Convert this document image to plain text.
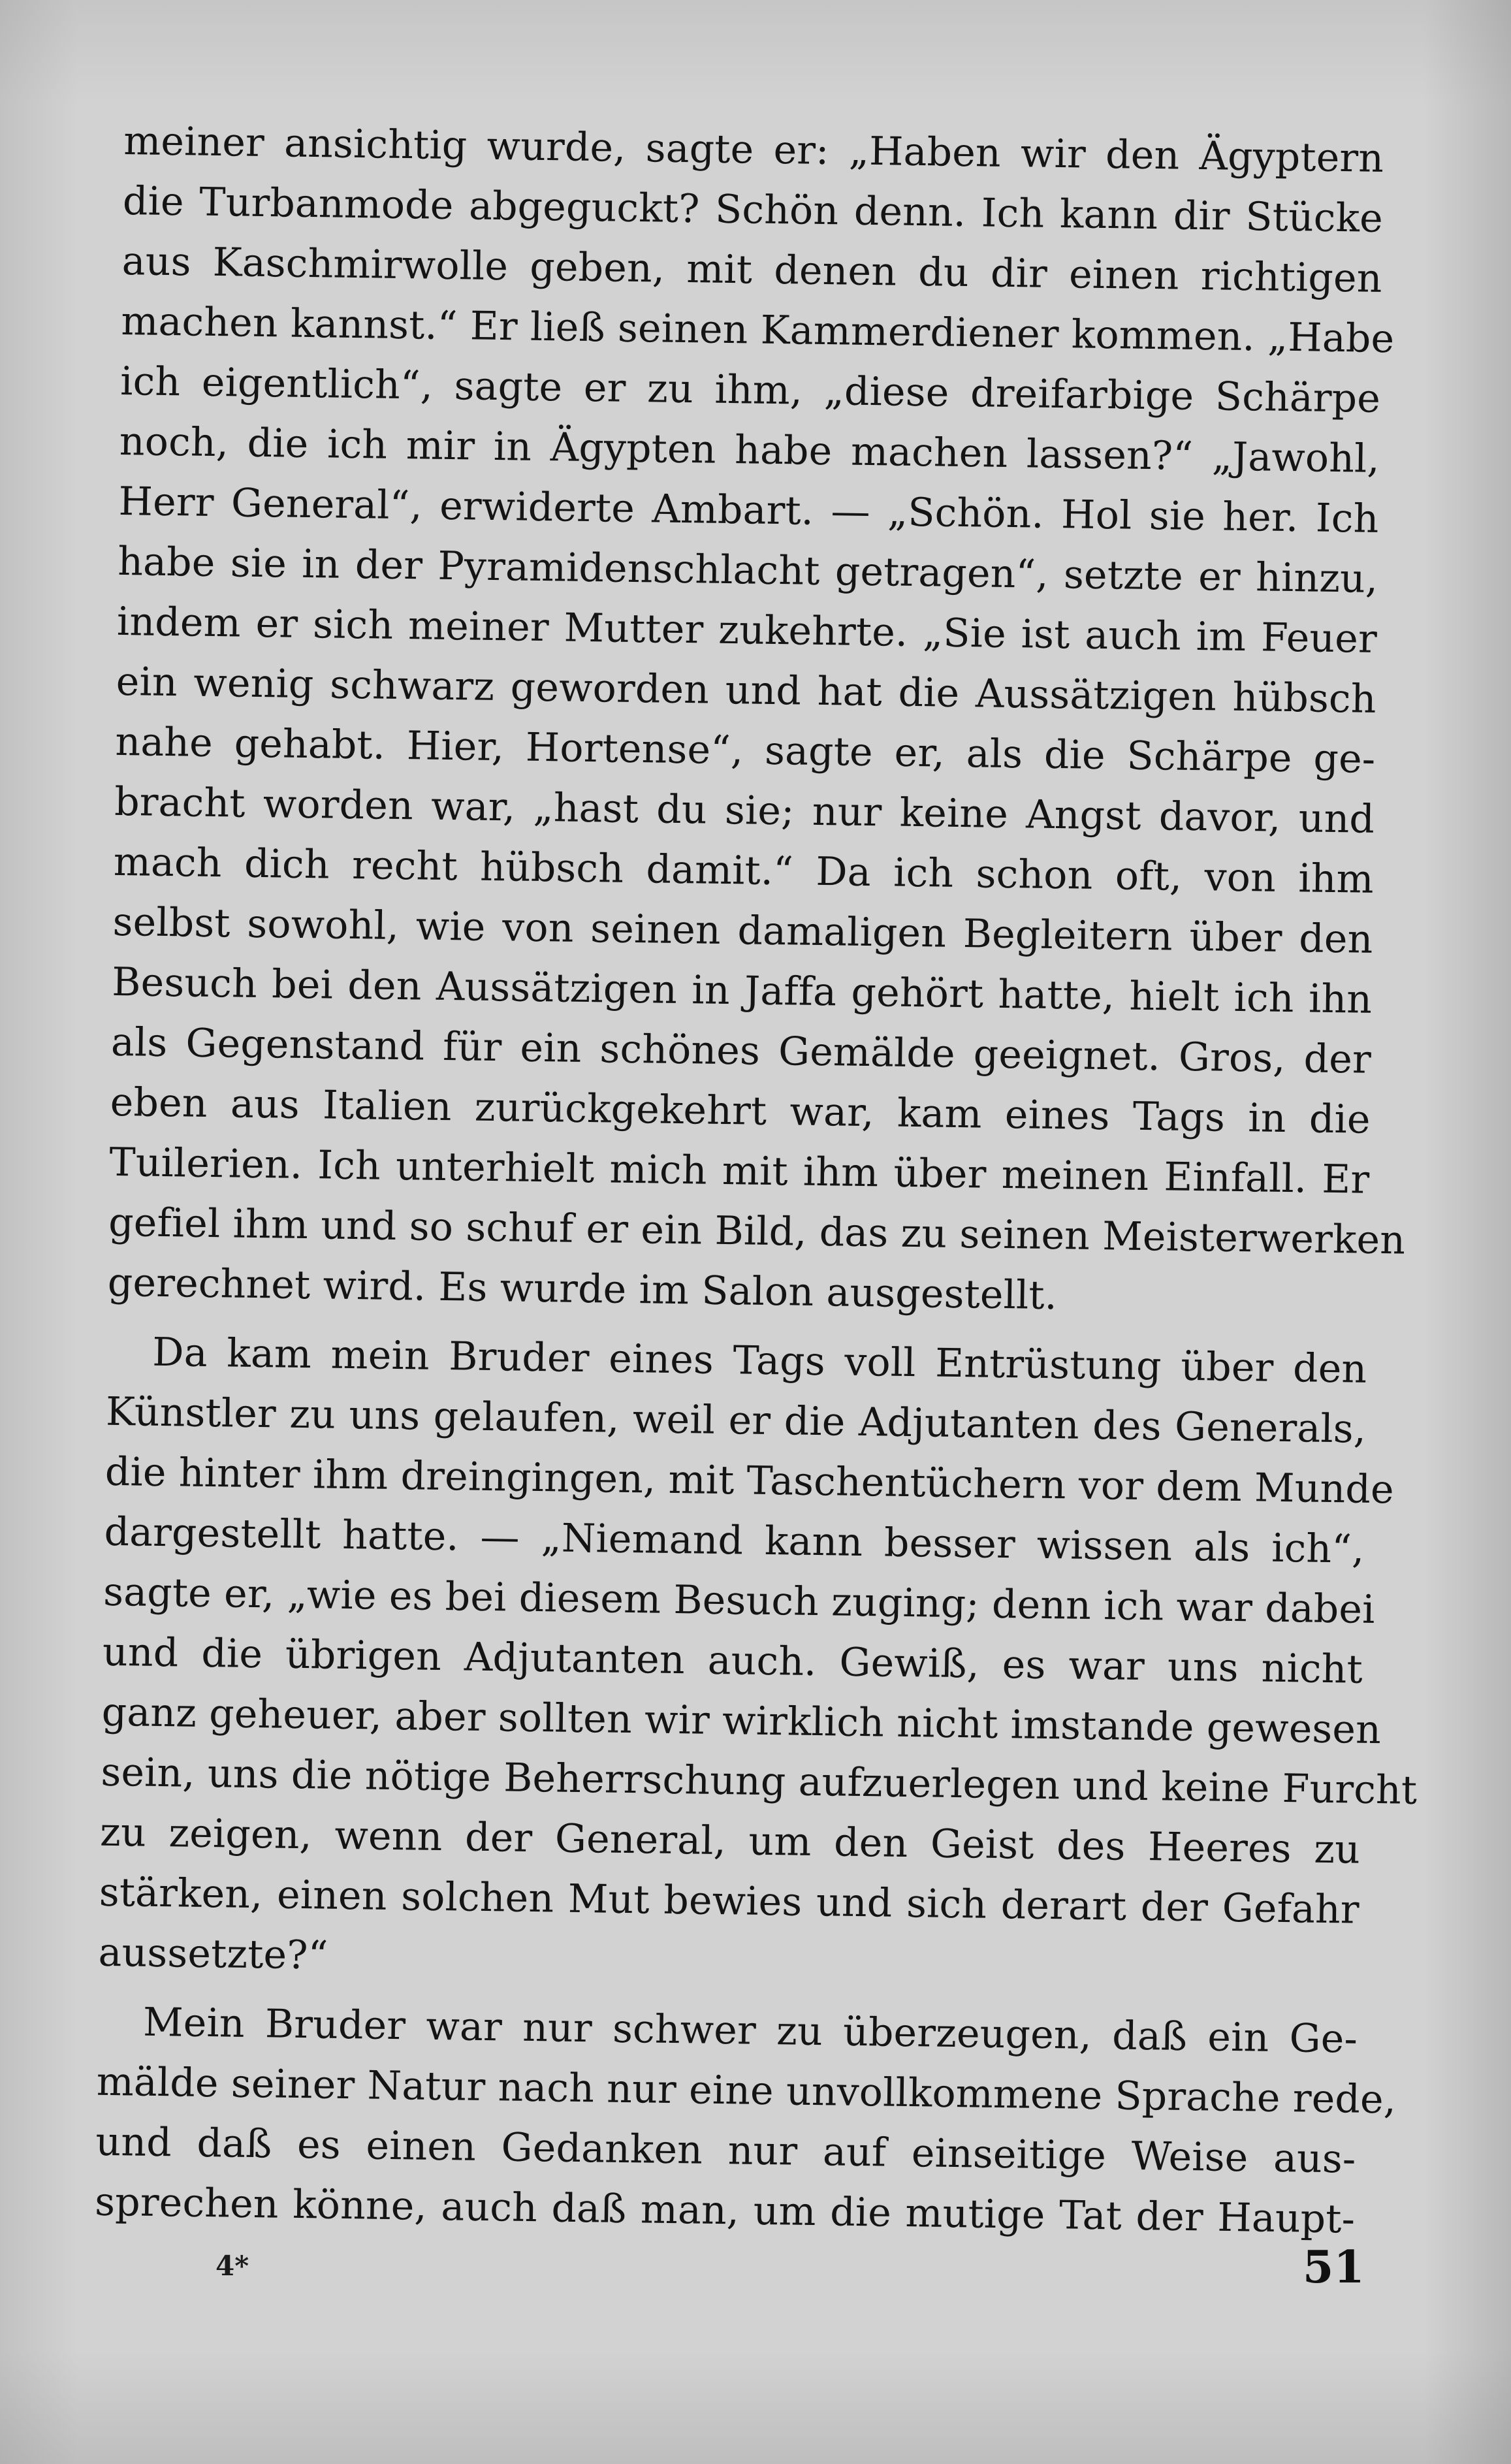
meiner ansichtig wurde, sagte er: „Haben wir den Ägyptern
die Turbanmode abgeguckt? Schön denn. Ich kann dir Stücke
aus Kaschmirwolle geben, mit denen du dir einen richtigen
machen kannst.“ Er ließ seinen Kammerdiener kommen. „Habe
ich eigentlich“, sagte er zu ihm, „diese dreifarbige Schärpe
noch, die ich mir in Ägypten habe machen lassen?“ „Jawohl,
Herr General“, erwiderte Ambart. — „Schön. Hol sie her. Ich
habe sie in der Pyramidenschlacht getragen“, setzte er hinzu,
indem er sich meiner Mutter zukehrte. „Sie ist auch im Feuer
ein wenig schwarz geworden und hat die Aussätzigen hübsch
nahe gehabt. Hier, Hortense“, sagte er, als die Schärpe ge-
bracht worden war, „hast du sie; nur keine Angst davor, und
mach dich recht hübsch damit.“ Da ich schon oft, von ihm
selbst sowohl, wie von seinen damaligen Begleitern über den
Besuch bei den Aussätzigen in Jaffa gehört hatte, hielt ich ihn
als Gegenstand für ein schönes Gemälde geeignet. Gros, der
eben aus Italien zurückgekehrt war, kam eines Tags in die
Tuilerien. Ich unterhielt mich mit ihm über meinen Einfall. Er
gefiel ihm und so schuf er ein Bild, das zu seinen Meisterwerken
gerechnet wird. Es wurde im Salon ausgestellt.
Da kam mein Bruder eines Tags voll Entrüstung über den
Künstler zu uns gelaufen, weil er die Adjutanten des Generals,
die hinter ihm dreingingen, mit Taschentüchern vor dem Munde
dargestellt hatte. — „Niemand kann besser wissen als ich“,
sagte er, „wie es bei diesem Besuch zuging; denn ich war dabei
und die übrigen Adjutanten auch. Gewiß, es war uns nicht
ganz geheuer, aber sollten wir wirklich nicht imstande gewesen
sein, uns die nötige Beherrschung aufzuerlegen und keine Furcht
zu zeigen, wenn der General, um den Geist des Heeres zu
stärken, einen solchen Mut bewies und sich derart der Gefahr
aussetzte?“
Mein Bruder war nur schwer zu überzeugen, daß ein Ge-
mälde seiner Natur nach nur eine unvollkommene Sprache rede,
und daß es einen Gedanken nur auf einseitige Weise aus-
sprechen könne, auch daß man, um die mutige Tat der Haupt-
4*	51
